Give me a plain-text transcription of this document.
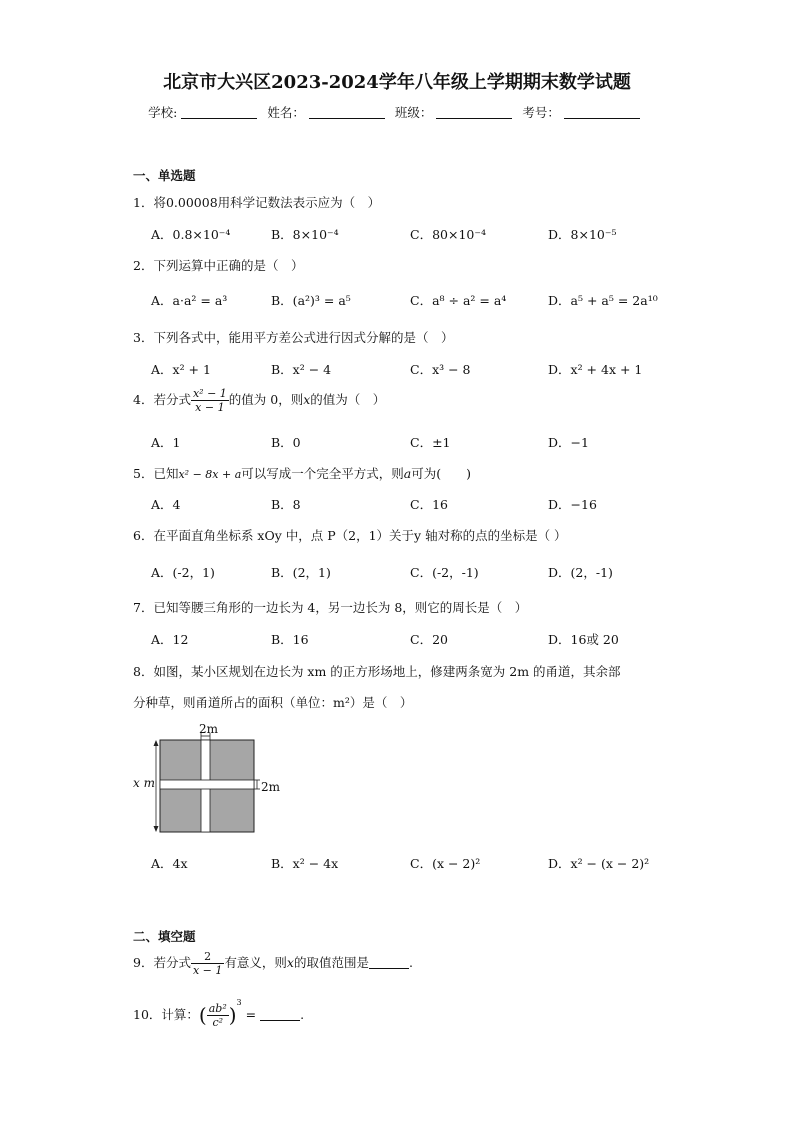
北京市大兴区2023-2024学年八年级上学期期末数学试题
学校:	姓名：	班级：	考号：
一、单选题
1．将0.00008用科学记数法表示应为（　）
A．0.8×10⁻⁴	B．8×10⁻⁴	C．80×10⁻⁴	D．8×10⁻⁵
2．下列运算中正确的是（　）
A．a·a² = a³	B．(a²)³ = a⁵	C．a⁸ ÷ a² = a⁴	D．a⁵ + a⁵ = 2a¹⁰
3．下列各式中，能用平方差公式进行因式分解的是（　）
A．x² + 1	B．x² − 4	C．x³ − 8	D．x² + 4x + 1
4．若分式 $\frac{\text{x² − 1}}{x - 1}$ 的值为 0，则x的值为（　）
A．1	B．0	C．±1	D．−1
5．已知x² − 8x + a可以写成一个完全平方式，则a可为(　　)
A．4	B．8	C．16	D．−16
6．在平面直角坐标系 xOy 中，点 P（2，1）关于y 轴对称的点的坐标是（ ）
A．(-2，1)	B．(2，1)	C．(-2，-1)	D．(2，-1)
7．已知等腰三角形的一边长为 4，另一边长为 8，则它的周长是（　）
A．12	B．16	C．20	D．16或 20
8．如图，某小区规划在边长为 xm 的正方形场地上，修建两条宽为 2m 的甬道，其余部
分种草，则甬道所占的面积（单位：m²）是（　）
2m
2m
x m
A．4x	B．x² − 4x	C．(x − 2)²	D．x² − (x − 2)²
二、填空题
9．若分式 $\frac{2}{x - 1}$ 有意义，则x的取值范围是	.
10．计算：( $\frac{\text{ab²}}{\text{c²}} )^3$ =	.
